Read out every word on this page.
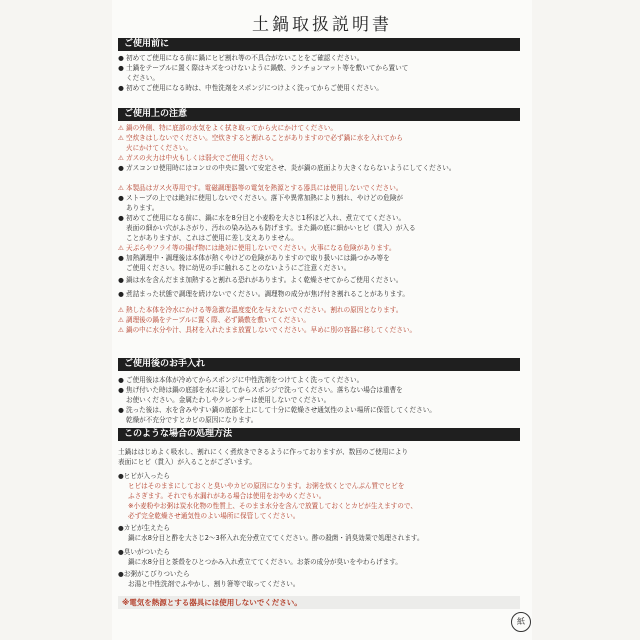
土鍋取扱説明書
ご使用前に
● 初めてご使用になる前に鍋にヒビ割れ等の不具合がないことをご確認ください。
● 土鍋をテーブルに置く際はキズをつけないように鍋敷、ランチョンマット等を敷いてから置いて
ください。
● 初めてご使用になる時は、中性洗剤をスポンジにつけよく洗ってからご使用ください。
ご使用上の注意
⚠ 鍋の外側、特に底部の水気をよく拭き取ってから火にかけてください。
⚠ 空炊きはしないでください。空炊きすると割れることがありますので必ず鍋に水を入れてから
火にかけてください。
⚠ ガスの火力は中火もしくは弱火でご使用ください。
● ガスコンロ使用時にはコンロの中央に置いて安定させ、炎が鍋の底面より大きくならないようにしてください。
⚠ 本製品はガス火専用です。電磁調理器等の電気を熱源とする器具には使用しないでください。
● ストーブの上では絶対に使用しないでください。落下や異常加熱により割れ、やけどの危険が
あります。
● 初めてご使用になる前に、鍋に水を8分目と小麦粉を大さじ1杯ほど入れ、煮立ててください。
表面の細かい穴がふさがり、汚れの染み込みも防げます。また鍋の底に細かいヒビ（貫入）が入る
ことがありますが、これはご使用に差し支えありません。
⚠ 天ぷらやフライ等の揚げ物には絶対に使用しないでください。火事になる危険があります。
● 加熱調理中・調理後は本体が熱くやけどの危険がありますので取り扱いには鍋つかみ等を
ご使用ください。特に幼児の手に触れることのないようにご注意ください。
● 鍋は水を含んだまま加熱すると割れる恐れがあります。よく乾燥させてからご使用ください。
● 煮詰まった状態で調理を続けないでください。調理物の成分が焦げ付き割れることがあります。
⚠ 熱した本体を冷水にかける等急激な温度変化を与えないでください。割れの原因となります。
⚠ 調理後の鍋をテーブルに置く際、必ず鍋敷を敷いてください。
⚠ 鍋の中に水分や汁、具材を入れたまま放置しないでください。早めに別の容器に移してください。
ご使用後のお手入れ
● ご使用後は本体が冷めてからスポンジに中性洗剤をつけてよく洗ってください。
● 焦げ付いた時は鍋の底部を水に浸してからスポンジで洗ってください。落ちない場合は重曹を
お使いください。金属たわしやクレンザーは使用しないでください。
● 洗った後は、水を含みやすい鍋の底部を上にして十分に乾燥させ通気性のよい場所に保管してください。
乾燥が不充分ですとカビの原因になります。
このような場合の処理方法
土鍋ははじめよく吸水し、割れにくく煮炊きできるように作っておりますが、数回のご使用により
表面にヒビ（貫入）が入ることがございます。
●ヒビが入ったら
ヒビはそのままにしておくと臭いやカビの原因になります。お粥を炊くとでんぷん質でヒビを
ふさぎます。それでも水漏れがある場合は使用をおやめください。
※小麦粉やお粥は炭水化物の性質上、そのまま水分を含んで放置しておくとカビが生えますので、
必ず完全乾燥させ通気性のよい場所に保管してください。
●カビが生えたら
鍋に水8分目と酢を大さじ2〜3杯入れ充分煮立ててください。酢の殺菌・消臭効果で処理されます。
●臭いがついたら
鍋に水8分目と茶殻をひとつかみ入れ煮立ててください。お茶の成分が臭いをやわらげます。
●お粥がこびりついたら
お湯と中性洗剤でふやかし、割り箸等で取ってください。
※電気を熱源とする器具には使用しないでください。
紙
